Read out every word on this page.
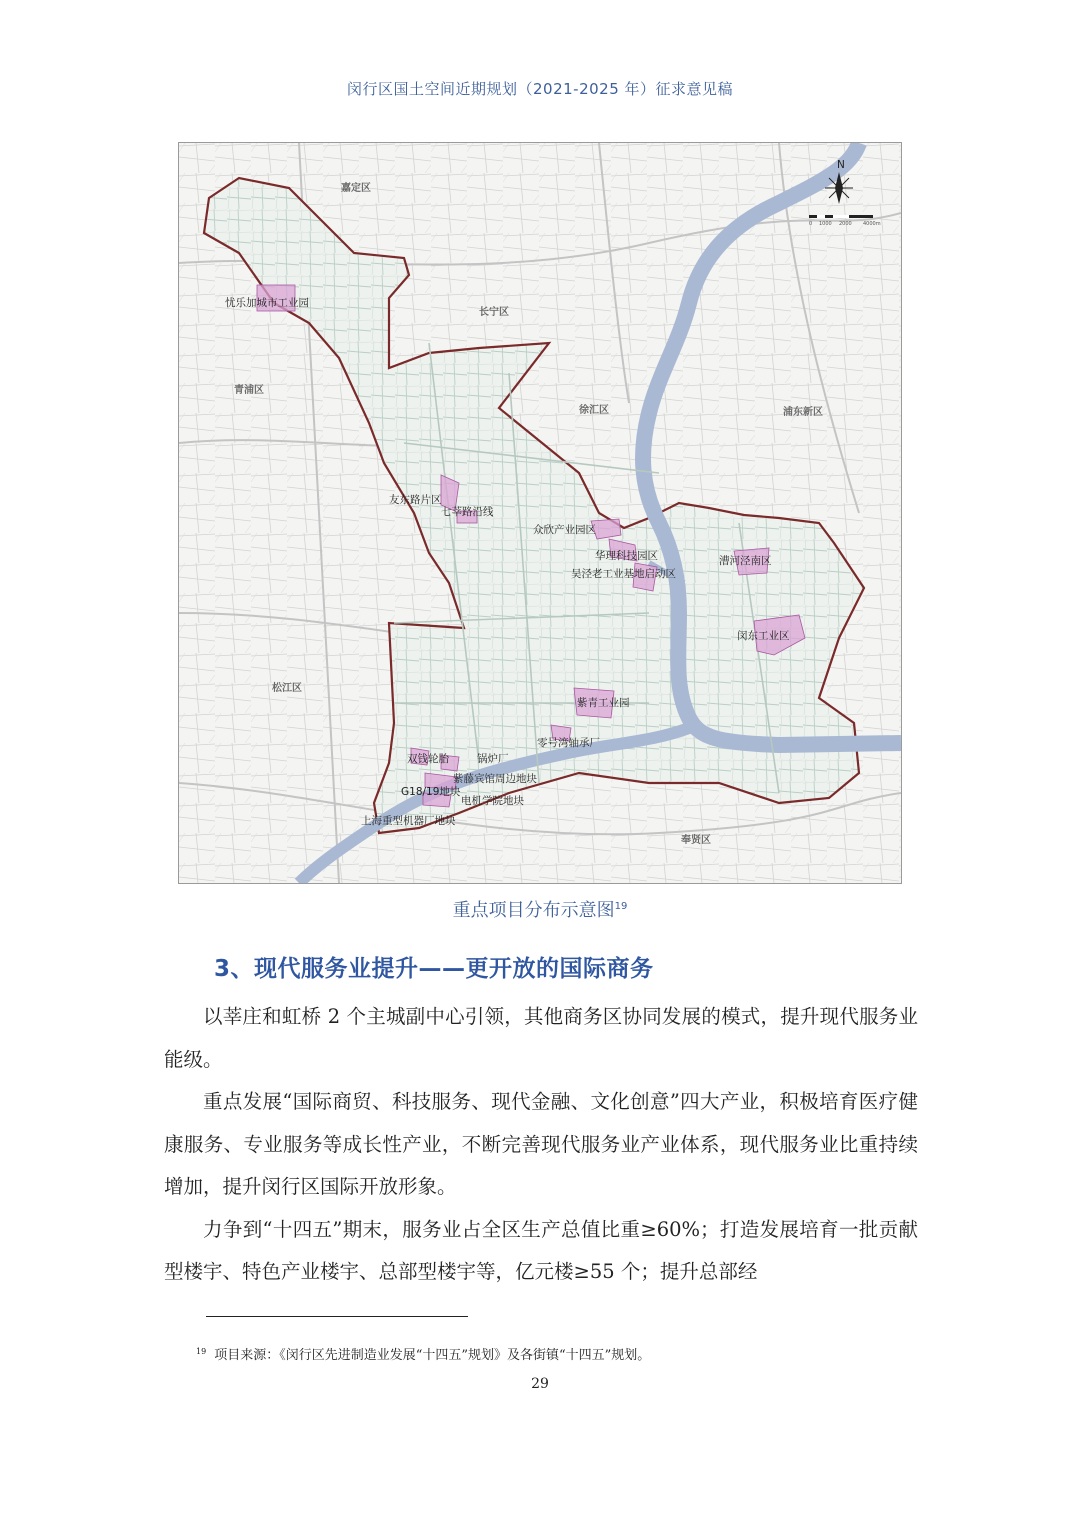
闵行区国土空间近期规划（2021-2025 年）征求意见稿
N
0 1000 2000 4000m
嘉定区
长宁区
青浦区
徐汇区	浦东新区
松江区
奉贤区
忧乐加城市工业园
友东路片区
七莘路沿线
众欣产业园区
华理科技园区
吴泾老工业基地启动区
漕河泾南区
闵东工业区
紫青工业园
零号湾轴承厂
双钱轮胎	锅炉厂
紫藤宾馆周边地块
G18/19地块
电机学院地块
上海重型机器厂地块
重点项目分布示意图$^{19}$
3、现代服务业提升——更开放的国际商务

以莘庄和虹桥 2 个主城副中心引领，其他商务区协同发展的模式，提升现代服务业能级。

重点发展“国际商贸、科技服务、现代金融、文化创意”四大产业，积极培育医疗健康服务、专业服务等成长性产业，不断完善现代服务业产业体系，现代服务业比重持续增加，提升闵行区国际开放形象。

力争到“十四五”期末，服务业占全区生产总值比重≥60%；打造发展培育一批贡献型楼宇、特色产业楼宇、总部型楼宇等，亿元楼≥55 个；提升总部经

$^{19}$ 项目来源：《闵行区先进制造业发展“十四五”规划》及各街镇“十四五”规划。
29
